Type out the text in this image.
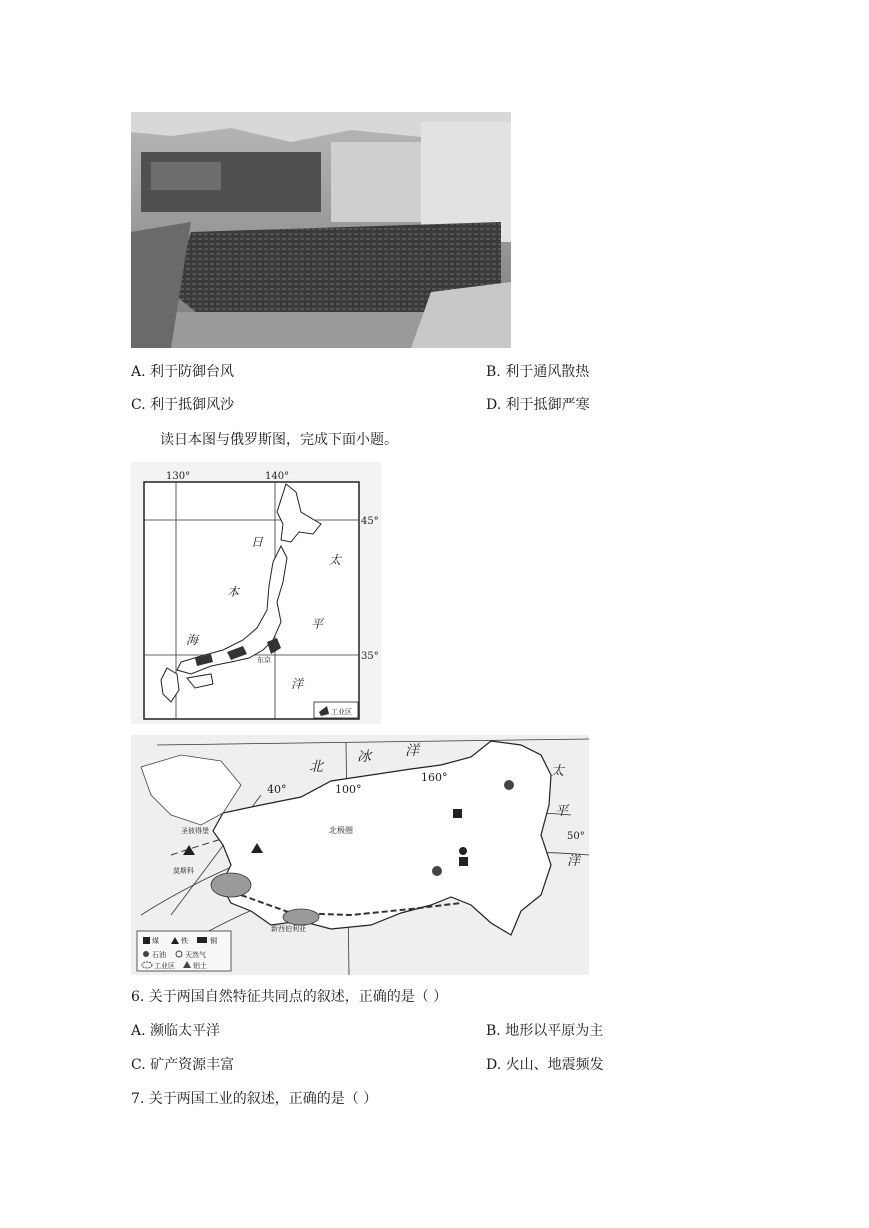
A. 利于防御台风	B. 利于通风散热
C. 利于抵御风沙	D. 利于抵御严寒
读日本图与俄罗斯图，完成下面小题。
工业区
130°	140°
45°
35°
日
本
海
太
平
洋
东京
煤	铁	铜
石油	天然气
工业区	铝土
北
冰 洋
太
平
洋
40°	100°
160°
50°
北极圈
圣彼得堡
莫斯科
新西伯利亚
6. 关于两国自然特征共同点的叙述，正确的是（ ）
A. 濒临太平洋	B. 地形以平原为主
C. 矿产资源丰富	D. 火山、地震频发
7. 关于两国工业的叙述，正确的是（ ）
